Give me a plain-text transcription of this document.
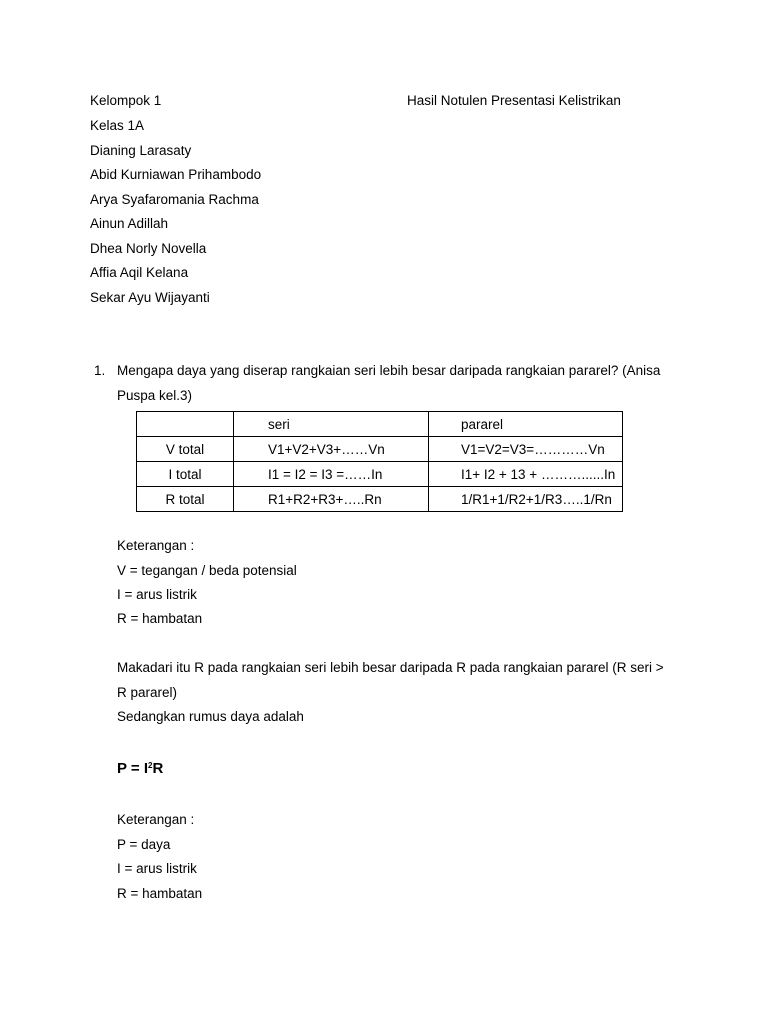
Kelompok 1	Hasil Notulen Presentasi Kelistrikan
Kelas 1A
Dianing Larasaty
Abid Kurniawan Prihambodo
Arya Syafaromania Rachma
Ainun Adillah
Dhea Norly Novella
Affia Aqil Kelana
Sekar Ayu Wijayanti
1. Mengapa daya yang diserap rangkaian seri lebih besar daripada rangkaian pararel? (Anisa
Puspa kel.3)
	seri	pararel
V total	V1+V2+V3+……Vn	V1=V2=V3=…………Vn
I total	I1 = I2 = I3 =……In	I1+ I2 + 13 + ………......In
R total	R1+R2+R3+…..Rn	1/R1+1/R2+1/R3…..1/Rn
Keterangan :
V = tegangan / beda potensial
I = arus listrik
R = hambatan
Makadari itu R pada rangkaian seri lebih besar daripada R pada rangkaian pararel (R seri >
R pararel)
Sedangkan rumus daya adalah
$P = I^2R$
Keterangan :
P = daya
I = arus listrik
R = hambatan
